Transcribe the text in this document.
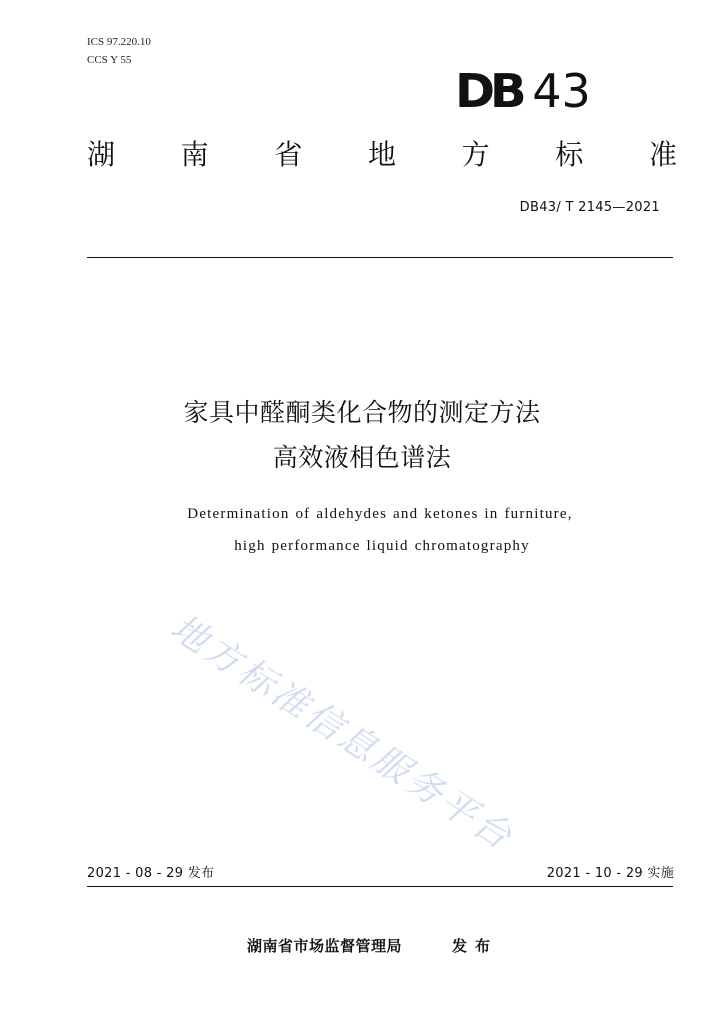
ICS 97.220.10
CCS Y 55
DB 43
湖 南 省 地 方 标 准
DB43/ T 2145—2021
家具中醛酮类化合物的测定方法
高效液相色谱法
Determination of aldehydes and ketones in furniture,
high performance liquid chromatography
地方标准信息服务平台
2021 - 08 - 29 发布	2021 - 10 - 29 实施
湖南省市场监督管理局	发布
